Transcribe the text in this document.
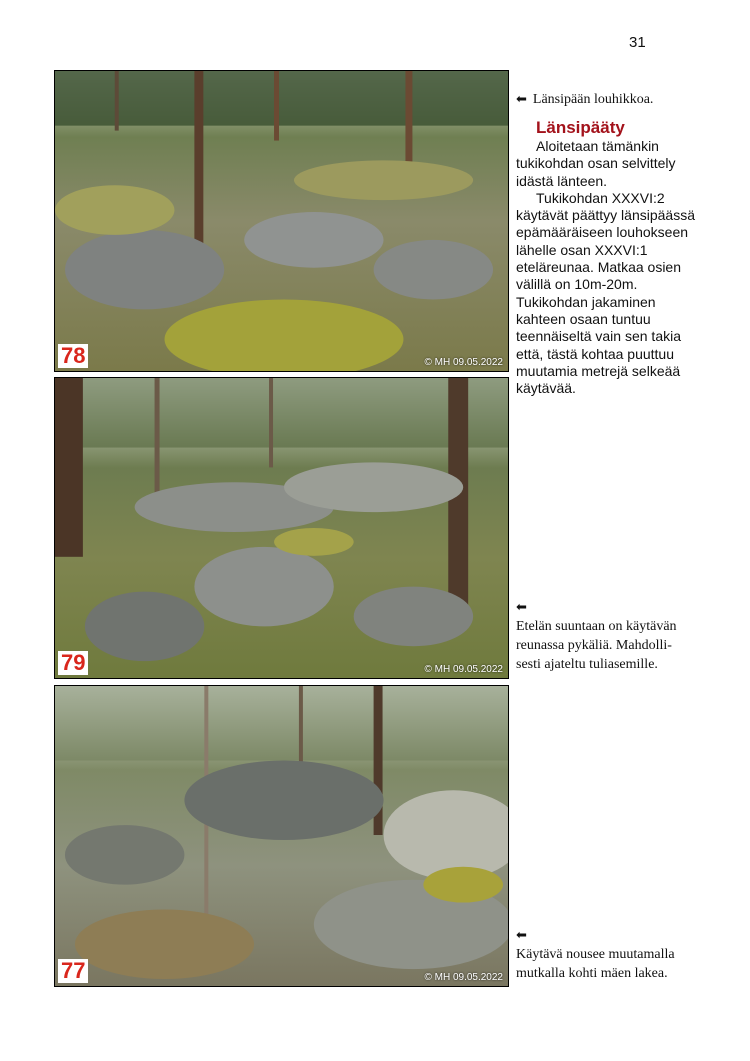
31
78	© MH 09.05.2022
79	© MH 09.05.2022
77	© MH 09.05.2022
⬅ Länsipään louhikkoa.
⬅
Etelän suuntaan on käytävän
reunassa pykäliä. Mahdolli-
sesti ajateltu tuliasemille.
⬅
Käytävä nousee muutamalla
mutkalla kohti mäen lakea.
Länsipääty

Aloitetaan tämänkin tukikohdan osan selvittely idästä länteen.

Tukikohdan XXXVI:2 käytävät päättyy länsipäässä epämääräiseen louhokseen lähelle osan XXXVI:1 eteläreunaa. Matkaa osien välillä on 10m-20m. Tukikohdan jakaminen kahteen osaan tuntuu teennäiseltä vain sen takia että, tästä kohtaa puuttuu muutamia metrejä selkeää käytävää.
